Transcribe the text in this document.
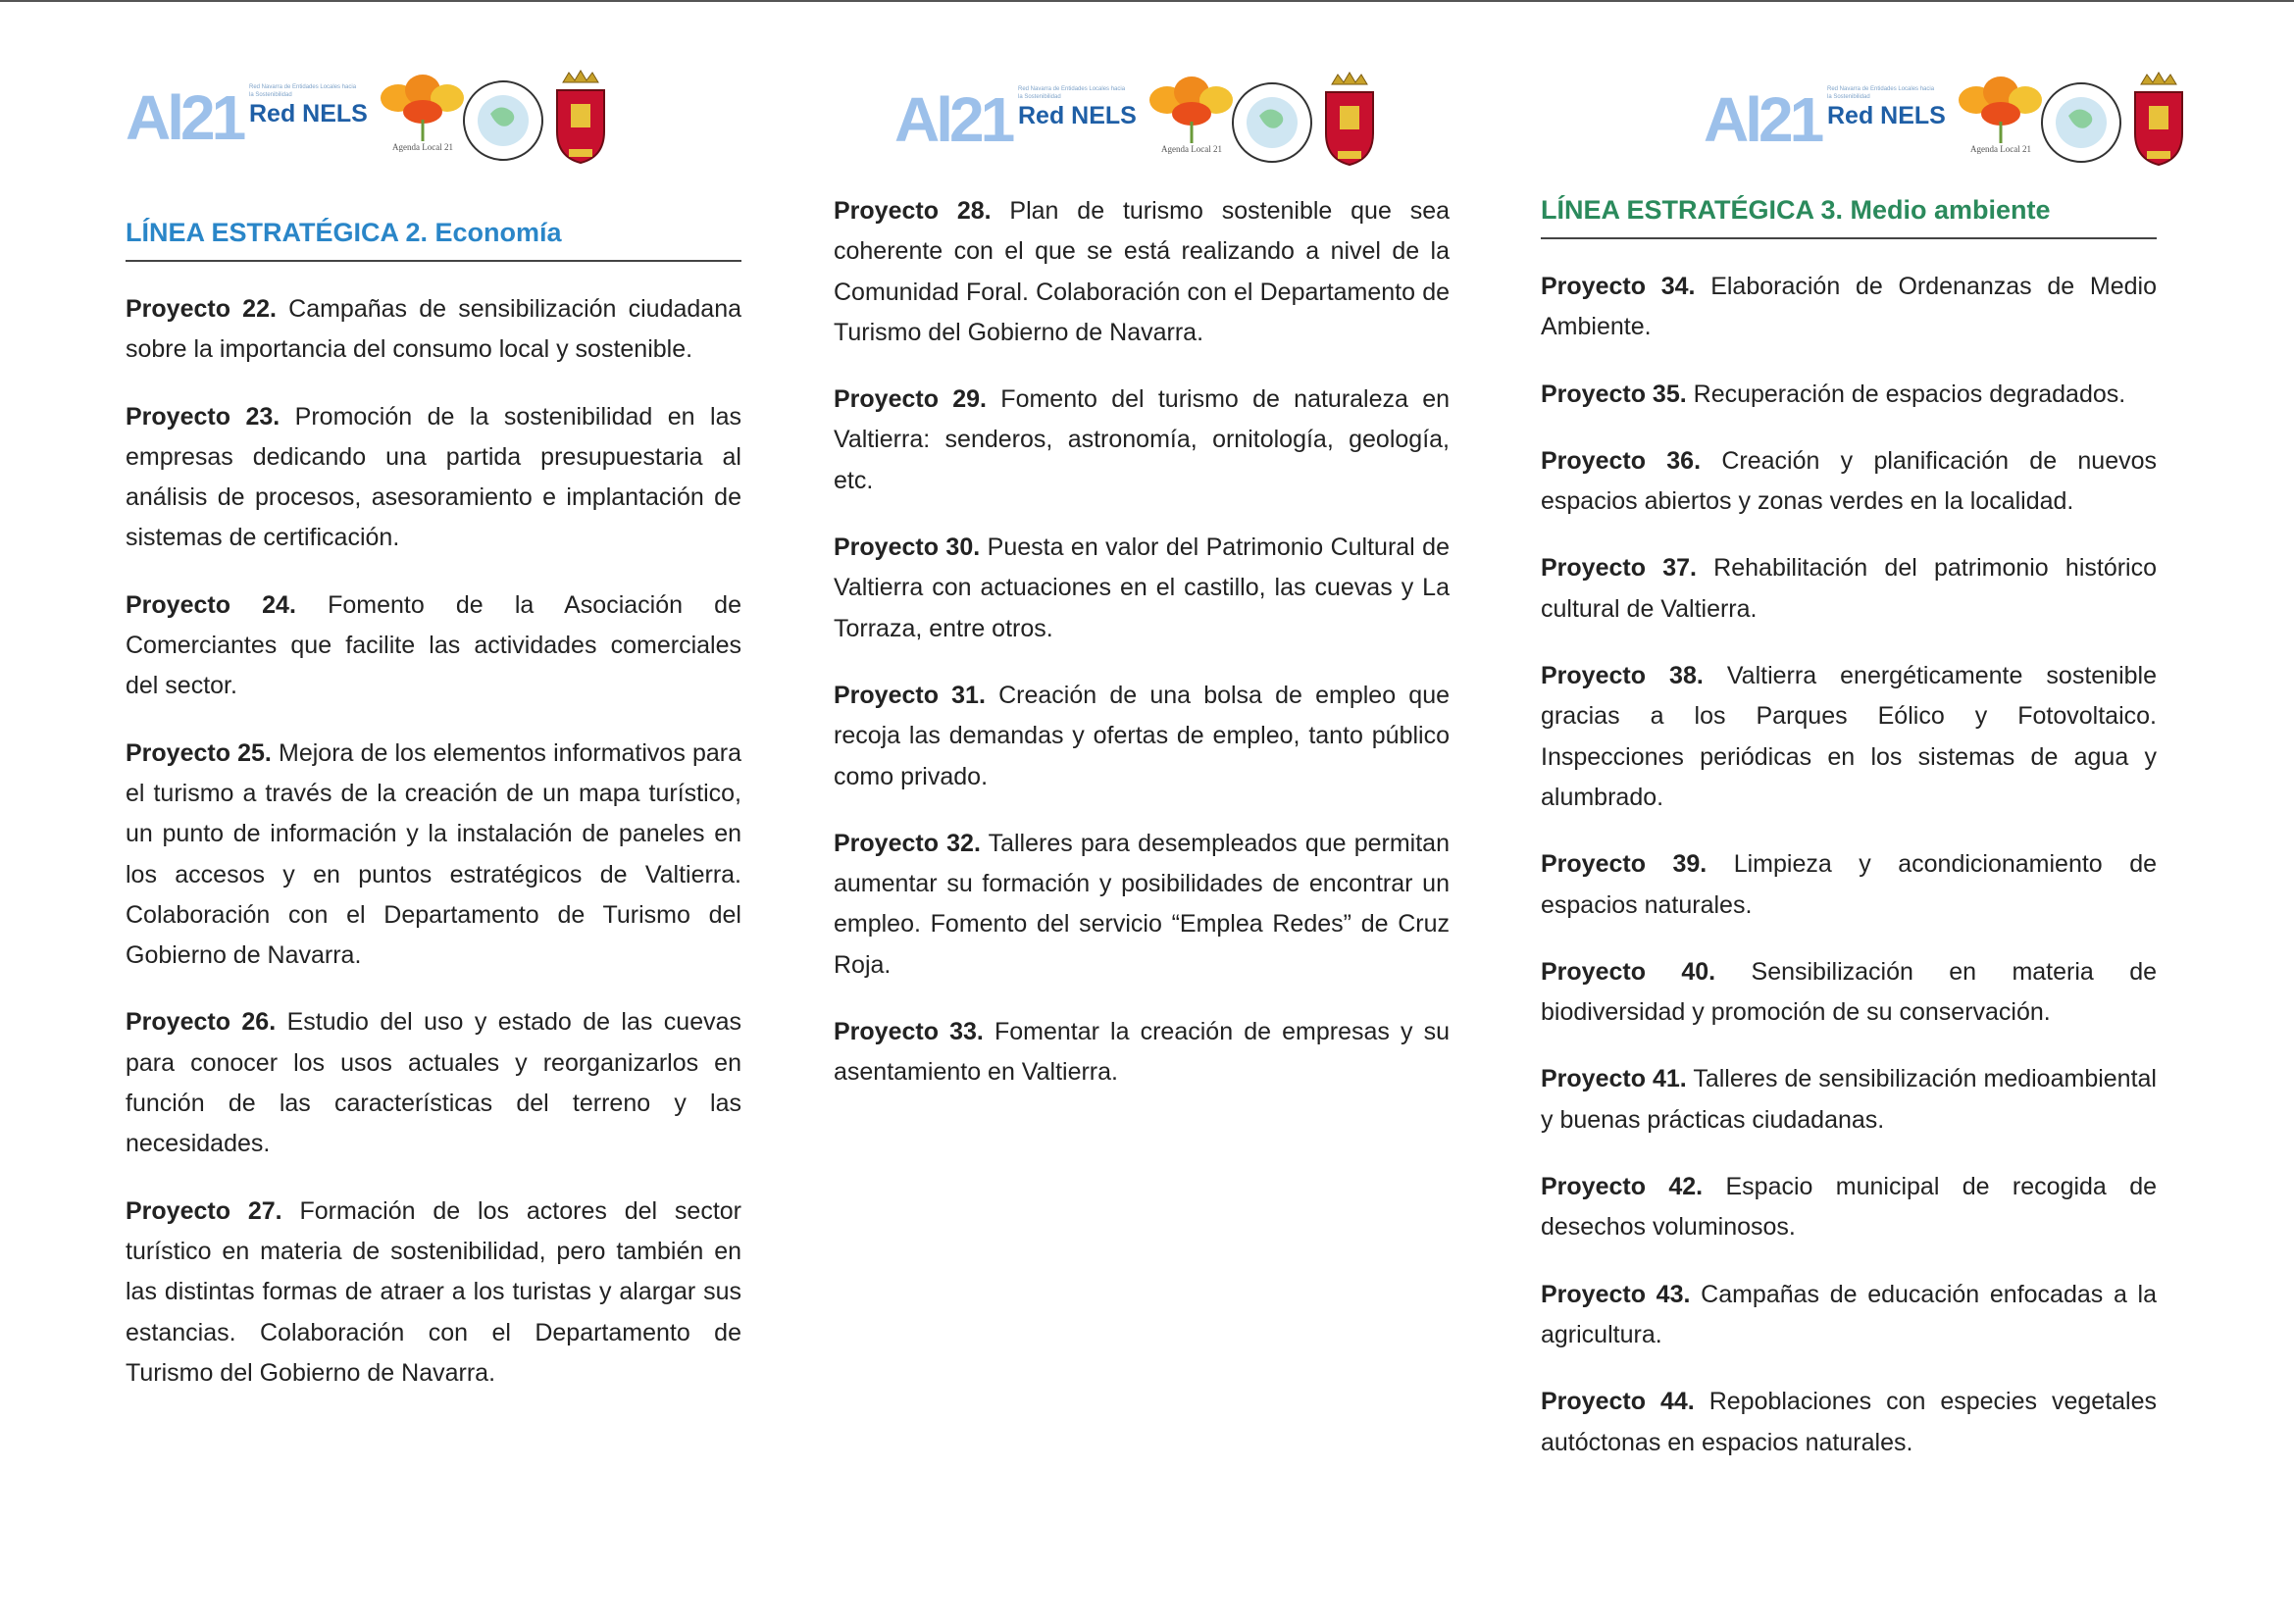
Al21 Red Navarra de Entidades Locales hacia la Sostenibilidad
Red NELS
Agenda Local 21
LÍNEA ESTRATÉGICA 2. Economía

Proyecto 22. Campañas de sensibilización ciudadana sobre la importancia del consumo local y sostenible.

Proyecto 23. Promoción de la sostenibilidad en las empresas dedicando una partida presupuestaria al análisis de procesos, asesoramiento e implantación de sistemas de certificación.

Proyecto 24. Fomento de la Asociación de Comerciantes que facilite las actividades comerciales del sector.

Proyecto 25. Mejora de los elementos informativos para el turismo a través de la creación de un mapa turístico, un punto de información y la instalación de paneles en los accesos y en puntos estratégicos de Valtierra. Colaboración con el Departamento de Turismo del Gobierno de Navarra.

Proyecto 26. Estudio del uso y estado de las cuevas para conocer los usos actuales y reorganizarlos en función de las características del terreno y las necesidades.

Proyecto 27. Formación de los actores del sector turístico en materia de sostenibilidad, pero también en las distintas formas de atraer a los turistas y alargar sus estancias. Colaboración con el Departamento de Turismo del Gobierno de Navarra.

Al21 Red Navarra de Entidades Locales hacia la Sostenibilidad
Red NELS
Agenda Local 21

Proyecto 28. Plan de turismo sostenible que sea coherente con el que se está realizando a nivel de la Comunidad Foral. Colaboración con el Departamento de Turismo del Gobierno de Navarra.

Proyecto 29. Fomento del turismo de naturaleza en Valtierra: senderos, astronomía, ornitología, geología, etc.

Proyecto 30. Puesta en valor del Patrimonio Cultural de Valtierra con actuaciones en el castillo, las cuevas y La Torraza, entre otros.

Proyecto 31. Creación de una bolsa de empleo que recoja las demandas y ofertas de empleo, tanto público como privado.

Proyecto 32. Talleres para desempleados que permitan aumentar su formación y posibilidades de encontrar un empleo. Fomento del servicio “Emplea Redes” de Cruz Roja.

Proyecto 33. Fomentar la creación de empresas y su asentamiento en Valtierra.

Al21 Red Navarra de Entidades Locales hacia la Sostenibilidad
Red NELS
Agenda Local 21
LÍNEA ESTRATÉGICA 3. Medio ambiente

Proyecto 34. Elaboración de Ordenanzas de Medio Ambiente.

Proyecto 35. Recuperación de espacios degradados.

Proyecto 36. Creación y planificación de nuevos espacios abiertos y zonas verdes en la localidad.

Proyecto 37. Rehabilitación del patrimonio histórico cultural de Valtierra.

Proyecto 38. Valtierra energéticamente sostenible gracias a los Parques Eólico y Fotovoltaico. Inspecciones periódicas en los sistemas de agua y alumbrado.

Proyecto 39. Limpieza y acondicionamiento de espacios naturales.

Proyecto 40. Sensibilización en materia de biodiversidad y promoción de su conservación.

Proyecto 41. Talleres de sensibilización medioambiental y buenas prácticas ciudadanas.

Proyecto 42. Espacio municipal de recogida de desechos voluminosos.

Proyecto 43. Campañas de educación enfocadas a la agricultura.

Proyecto 44. Repoblaciones con especies vegetales autóctonas en espacios naturales.
